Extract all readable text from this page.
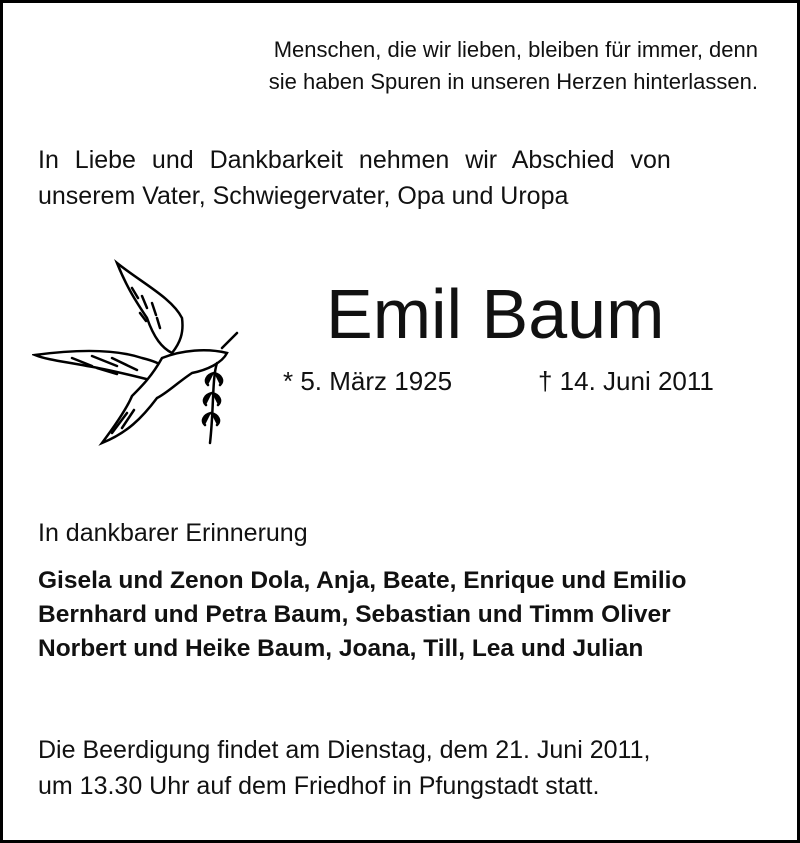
Menschen, die wir lieben, bleiben für immer, denn
sie haben Spuren in unseren Herzen hinterlassen.
In Liebe und Dankbarkeit nehmen wir Abschied von
unserem Vater, Schwiegervater, Opa und Uropa
Emil Baum
* 5. März 1925	† 14. Juni 2011
In dankbarer Erinnerung
Gisela und Zenon Dola, Anja, Beate, Enrique und Emilio
Bernhard und Petra Baum, Sebastian und Timm Oliver
Norbert und Heike Baum, Joana, Till, Lea und Julian
Die Beerdigung findet am Dienstag, dem 21. Juni 2011,
um 13.30 Uhr auf dem Friedhof in Pfungstadt statt.
